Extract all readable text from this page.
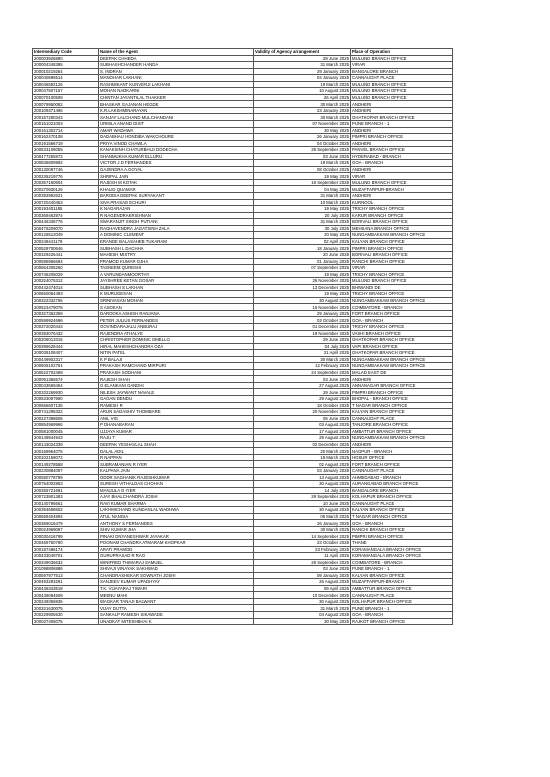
Intermediary Code	Name of the Agent	Validity of Agency arrangement	Place of Operation
200003926890	DEEPAK CHHEDA	28 June 2025	MULUND BRANCH OFFICE
200004348395	SUBHASHCHANDER HANDA	31 March 2025	VIRAR
200010219264	S. INDRAN	29 January 2025	BANGALORE BRANCH
200040695514	MANOHAR LAKHANI	04 January 2025	CANNAUGHT PLACE
200046592125	RASHMIKANT KUNVERJI LAKHANI	19 March 2025	MULUND BRANCH OFFICE
200047507157	MOHAN NADKARNI	10 August 2025	MULUND BRANCH OFFICE
200070100509	CHINTAN JAYANTILAL THAKKER	26 April 2025	MULUND BRANCH OFFICE
200079950082	BHASKAR GAJANAN HEGDE	30 March 2025	ANDHERI
200109371496	K.R.LAKSHMINARAYAN	23 January 2025	ANDHERI
200157290343	SANJAY LALCHAND MULCHANDANI	30 March 2025	GHATKOPAR BRANCH OFFICE
200161021003	URMILA ANAND DIXIT	07 November 2025	PUNE BRANCH - 1
200161302714	AMAR WADHWA	30 May 2025	ANDHERI
200162470108	DADABHAU HONDIBA WAKCHOURE	26 January 2025	PIMPRI BRANCH OFFICE
200191566719	PRIYA VINOD CHAWLA	04 October 2025	ANDHERI
200533106055	KANAKSINH CHATURBHUJ DODECHA	29 September 2025	PANVEL BRANCH OFFICE
200477255972	SHANMUKHA KUMAR ELLURU	03 June 2025	HYDERABAD - BRANCH
200836809992	VICTOR J D FERNANDES	19 March 2025	GOA - BRANCH
200130097746	GAJENDRA A.GOYAL	08 October 2025	ANDHERI
200235219776	SHRIPAL JAIN	19 May 2025	VIRAR
200367160604	RAJESH M KOTAK	19 September 2025	MULUND BRANCH OFFICE
200370930126	KHALID QUAMAR	04 May 2025	MUZAFFARPUR-BRANCH
200393992621	BARODIA DEEPAK SURYAKANT	31 March 2025	ANDHERI
200720440453	SIVA PRASAD ECHURI	10 March 2025	KURNOOL
200193401185	K NAGARAJAN	19 May 2025	TRICHY BRANCH OFFICE
200369462974	R NAGENDRAKRISHNAN	20 July 2025	KARUR BRANCH OFFICE
200446336776	SWARANJIT SINGH PUTIANI	31 March 2025	BORIVALI BRANCH OFFICE
200475209070	RAGHAVENDRA JAGATSINH ZALA	30 July 2025	MEHSANA BRANCH OFFICE
200126512049	A DOMINIC CLEMENT	20 May 2025	NUNGAMBAKKAM BRANCH OFFICE
200249441178	ERANDE BALASAHEB TUKARAM	02 April 2025	KALYAN BRANCH OFFICE
200529700646	SUBHASH L DACHHA	18 January 2025	PIMPRI BRANCH OFFICE
200329226441	MAHESH MISTRY	20 June 2025	BORIVALI BRANCH OFFICE
200595956694	PRAMOD KUMAR OJHA	01 January 2025	RANCHI BRANCH OFFICE
200664305260	TASNEEM QURESHI	07 September 2025	VIRAR
200745205029	A VARUNDANMOORTHY	19 May 2025	TRICHY BRANCH OFFICE
200324075312	JAYSHREE KETAN GOSAR	26 November 2025	MULUND BRANCH OFFICE
200442474014	SUBHASH S LAKHAN	13 December 2025	BHIWANDI DE
200650064493	K MURUGESAN	19 May 2025	TRICHY BRANCH OFFICE
200322332766	SRINIVASAN MOHAN	30 August 2025	NUNGAMBAKKAM BRANCH OFFICE
200523479078	S ASOKAN	15 November 2025	COIMBATORE - BRANCH
200327362369	DAROOKA ASHISH RANJANA	29 January 2025	FORT BRANCH OFFICE
200599924696	PETER JULIUS FERNANDES	03 October 2025	GOA - BRANCH
200372020443	GOVINDARAJALU ANBURAJ	01 December 2025	TRICHY BRANCH OFFICE
200393076432	RAJENDRA ATHALYE	19 November 2025	VASHI BRANCH OFFICE
200206013315	CHRISTOPHER DOMINIC DMELLO	29 June 2025	GHATKOPAR BRANCH OFFICE
200395628444	HIRAL MAHESHCHANDRA OZA	04 July 2025	VAPI BRANCH OFFICE
200039108407	NITIN PATEL	21 April 2025	GHATKOPAR BRANCH OFFICE
200449902317	K P BALAJI	30 March 2025	NUNGAMBAKKAM BRANCH OFFICE
200505102761	PRAKASH RAMCHAND MIRPURI	12 February 2025	NUNGAMBAKKAM BRANCH OFFICE
200522702469	PRAKASH SODHANI	24 September 2025	MALAD EAST DE
200091356574	RAJESH SHAH	03 June 2025	ANDHERI
200043669464	G ELANKANI GANDHI	27 August 2025	ANNANAGAR BRANCH OFFICE
200332269930	NILESH JAYWANT NAVALE	29 June 2025	PIMPRI BRANCH OFFICE
200633097590	GAGAN DENDU	29 August 2025	BHOPAL - BRANCH OFFICE
200656607135	RAMESH R	18 October 2025	T NAGAR BRANCH OFFICE
200741295322	ARUN SADASHIV THOMBARE	20 November 2025	KALYAN BRANCH OFFICE
200227398605	ANIL VIG	05 June 2025	CANNAUGHT PLACE
200854969966	P DHANABARAN	03 August 2025	TANJORE BRANCH OFFICE
200581000045	UJJAYA KUMAR	17 August 2025	AMBATTUR BRANCH OFFICE
200149944943	RAJU T	29 August 2025	NUNGAMBAKKAM BRANCH OFFICE
200143024339	DEEPAK YESHAVLAL SHAH	02 December 2025	ANDHERI
200169964075	DALAL ADIL	20 March 2025	NAGPUR - BRANCH
200102159072	R NAPPAN	19 March 2025	HOSUR OFFICE
200149278558	SUBRAMANIAN R IYER	02 August 2025	FORT BRANCH OFFICE
200230884097	KALPANA JAIN	03 January 2025	CANNAUGHT PLACE
200590778799	ODDR SAGHANIK RAJESHKUMAR	13 August 2025	AHMEDABAD - BRANCH
200754002953	SURESH VITHALDAS CHOHAN	30 August 2025	AURANGABAD BRANCH OFFICE
200355721691	MANJULA G IYER	14 July 2025	BANGALORE BRANCH
200723901383	AJAY BHALCHANDRA JOSHI	29 September 2025	KOLHAPUR BRANCH OFFICE
200140795661	RAVI KUMAR SHARMA	10 June 2025	CANNAUGHT PLACE
200394658602	LAKHMICHAND KUNDANLAL WADHWA	30 August 2025	KALYAN BRANCH OFFICE
200659404894	ATUL NANGIA	05 March 2025	T NAGAR BRANCH OFFICE
200369016479	ANTHONY S FERNANDES	26 January 2025	GOA - BRANCH
200024969097	SHIV KUMAR JHA	30 March 2025	RANCHI BRANCH OFFICE
200030416799	PINAKI DNYANESHWAR JAYAKAR	14 September 2025	PIMPRI BRANCH OFFICE
200469750790	POONAM CHANDRA ATMARAM KHOPKAR	23 October 2025	THANE
200197486174	ARATI PRAMOD	23 February 2025	KORAMANGALA BRANCH OFFICE
200433049701	GURUPRASAD R RAO	11 April 2025	KORAMANGALA BRANCH OFFICE
200349036632	WINIFRED THIMARAJ SAMUEL	28 September 2025	COIMBATORE - BRANCH
201098806886	SHIVAJI VINAYAK SAKHWAD	03 June 2025	PUNE BRANCH - 1
200597977513	CHANDRASHEKAR SOWNATH JOSHI	09 January 2025	KALYAN BRANCH OFFICE
200493293291	SANJEEV KUMAR UPADHYAY	26 August 2025	MUZAFFARPUR-BRANCH
200436343518	T.K. VIJAYARAJ TIWARI	09 April 2025	AMBATTUR BRANCH OFFICE
200439084508	MEENU MAHI	10 December 2025	CANNAUGHT PLACE
200249356836	WAGKAR TANAJI BALWANT	30 August 2025	KOLHAPUR BRANCH OFFICE
200321630075	VIJAY DUTTA	31 March 2025	PUNE BRANCH - 1
200229905530	SANKALP RAMESH SIKAWADE	04 August 2025	GOA - BRANCH
200037405075	UNADKAT MITESHBHAI K	30 May 2025	RAJKOT BRANCH OFFICE
